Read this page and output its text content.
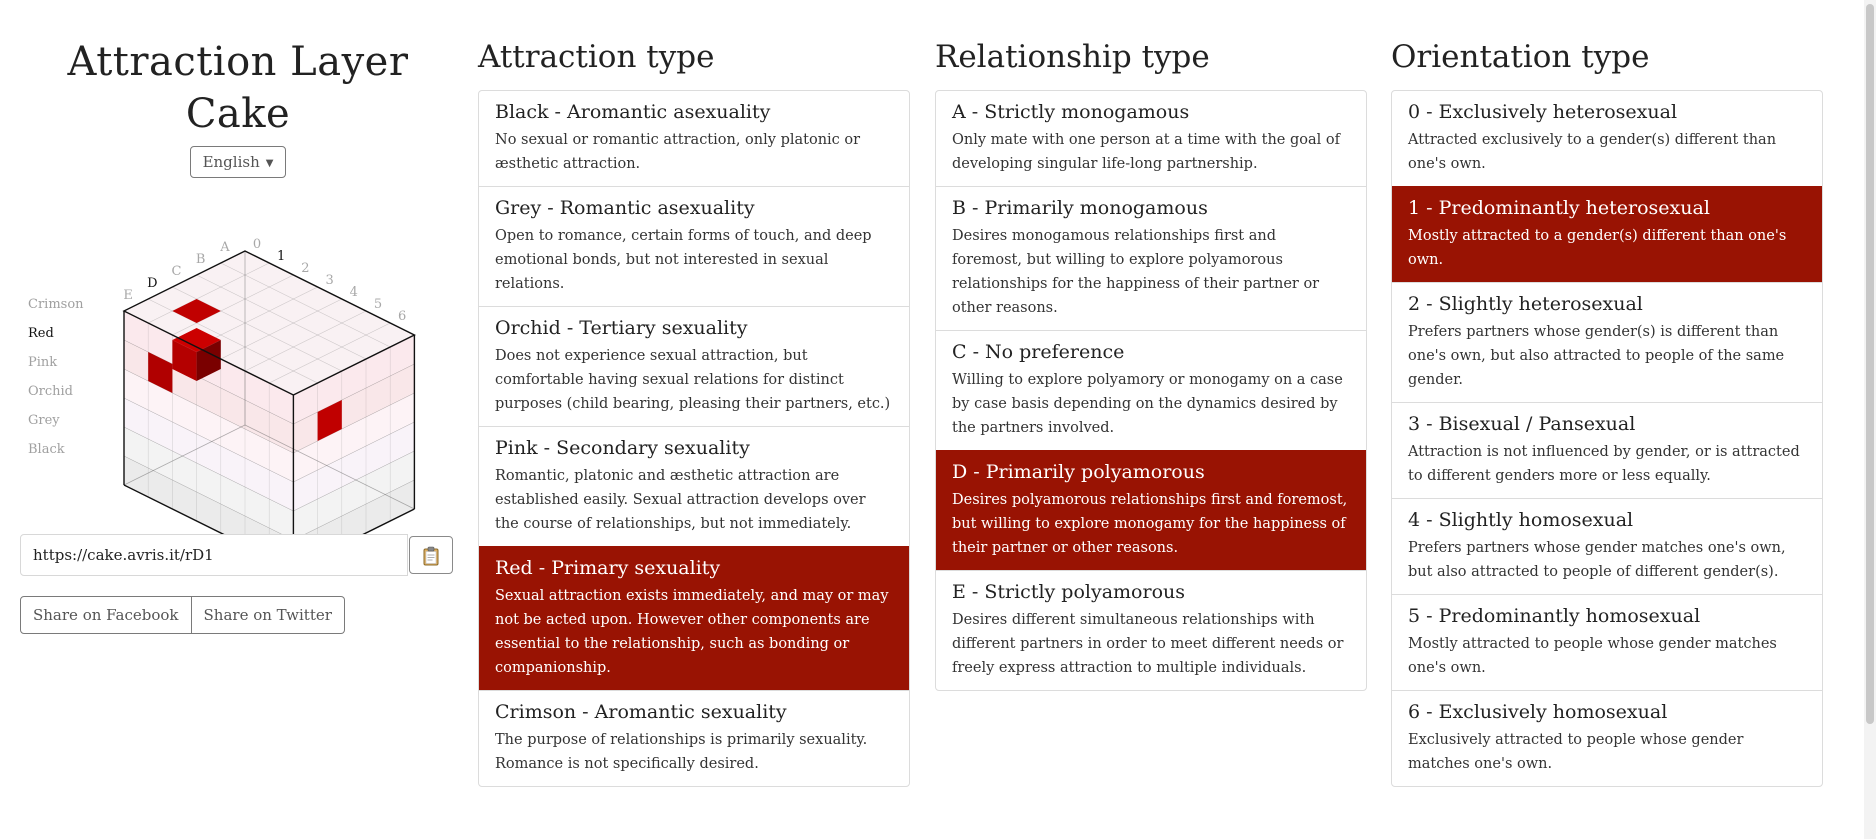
Attraction Layer Cake
English ▼
Crimson
Red
Pink
Orchid
Grey
Black
A
B
C
D
E
0
1
2
3
4
5
6
https://cake.avris.it/rD1
Share on Facebook	Share on Twitter
Attraction type
Black - Aromantic asexuality
No sexual or romantic attraction, only platonic or æsthetic attraction.
Grey - Romantic asexuality
Open to romance, certain forms of touch, and deep emotional bonds, but not interested in sexual relations.
Orchid - Tertiary sexuality
Does not experience sexual attraction, but comfortable having sexual relations for distinct purposes (child bearing, pleasing their partners, etc.)
Pink - Secondary sexuality
Romantic, platonic and æsthetic attraction are established easily. Sexual attraction develops over the course of relationships, but not immediately.
Red - Primary sexuality
Sexual attraction exists immediately, and may or may not be acted upon. However other components are essential to the relationship, such as bonding or companionship.
Crimson - Aromantic sexuality
The purpose of relationships is primarily sexuality. Romance is not specifically desired.
Relationship type
A - Strictly monogamous
Only mate with one person at a time with the goal of developing singular life-long partnership.
B - Primarily monogamous
Desires monogamous relationships first and foremost, but willing to explore polyamorous relationships for the happiness of their partner or other reasons.
C - No preference
Willing to explore polyamory or monogamy on a case by case basis depending on the dynamics desired by the partners involved.
D - Primarily polyamorous
Desires polyamorous relationships first and foremost, but willing to explore monogamy for the happiness of their partner or other reasons.
E - Strictly polyamorous
Desires different simultaneous relationships with different partners in order to meet different needs or freely express attraction to multiple individuals.
Orientation type
0 - Exclusively heterosexual
Attracted exclusively to a gender(s) different than one's own.
1 - Predominantly heterosexual
Mostly attracted to a gender(s) different than one's own.
2 - Slightly heterosexual
Prefers partners whose gender(s) is different than one's own, but also attracted to people of the same gender.
3 - Bisexual / Pansexual
Attraction is not influenced by gender, or is attracted to different genders more or less equally.
4 - Slightly homosexual
Prefers partners whose gender matches one's own, but also attracted to people of different gender(s).
5 - Predominantly homosexual
Mostly attracted to people whose gender matches one's own.
6 - Exclusively homosexual
Exclusively attracted to people whose gender matches one's own.
